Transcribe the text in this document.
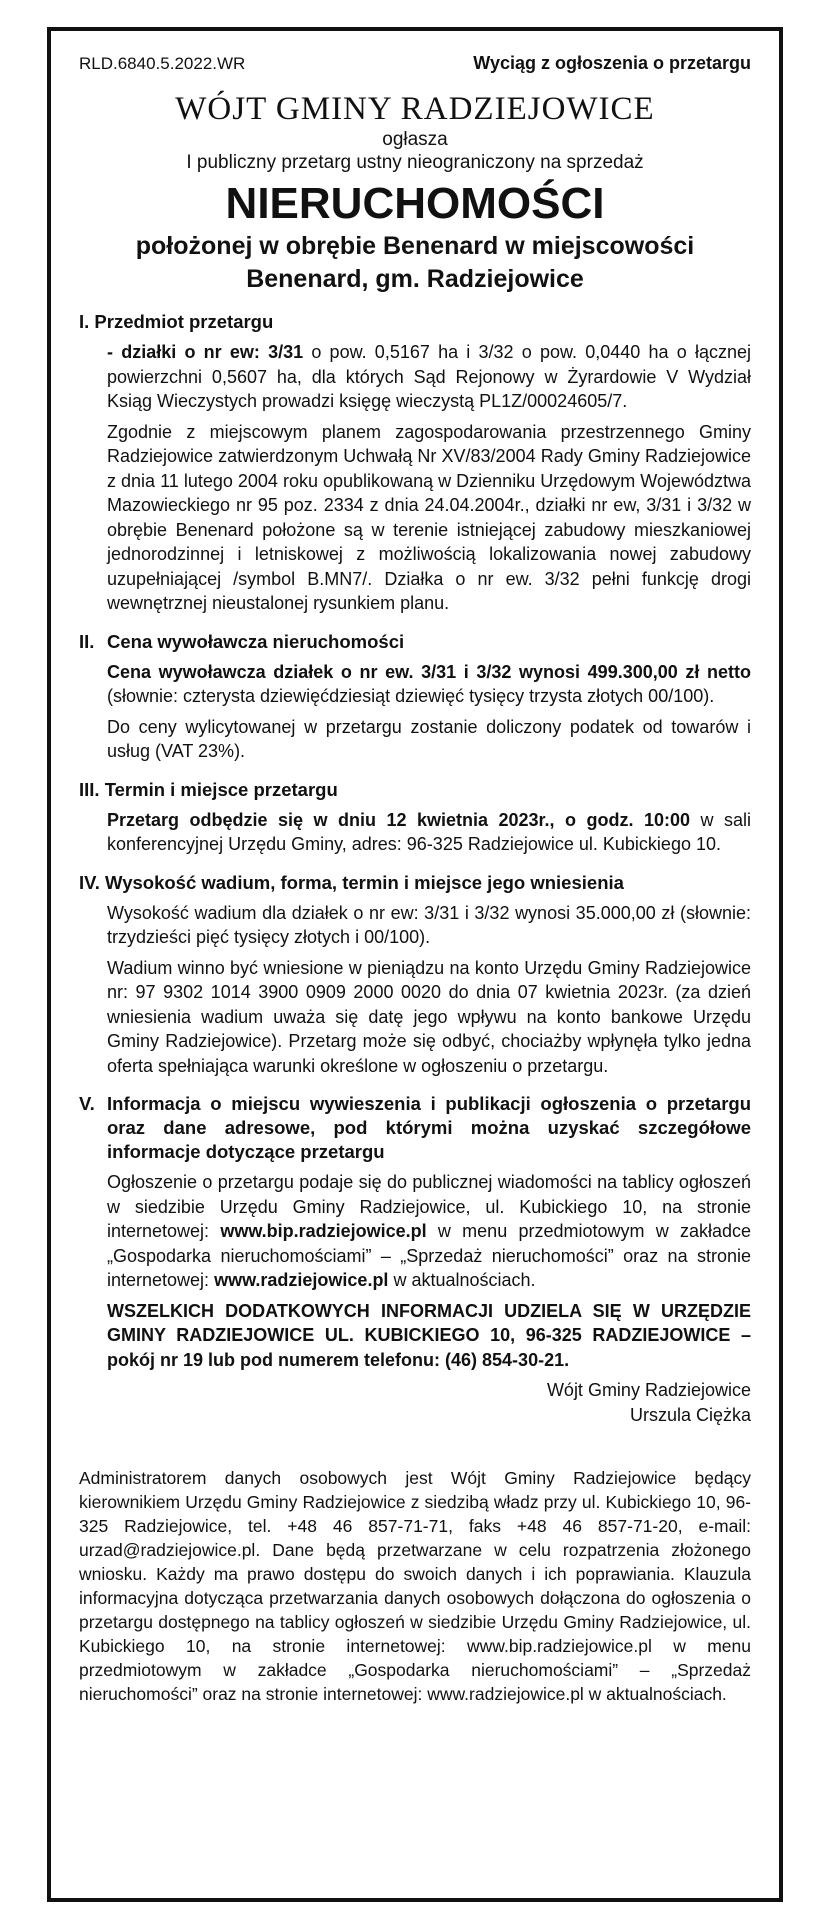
RLD.6840.5.2022.WR	Wyciąg z ogłoszenia o przetargu
WÓJT GMINY RADZIEJOWICE
ogłasza
I publiczny przetarg ustny nieograniczony na sprzedaż
NIERUCHOMOŚCI
położonej w obrębie Benenard w miejscowości
Benenard, gm. Radziejowice
I. Przedmiot przetargu
- działki o nr ew: 3/31 o pow. 0,5167 ha i 3/32 o pow. 0,0440 ha o łącznej powierzchni 0,5607 ha, dla których Sąd Rejonowy w Żyrardowie V Wydział Ksiąg Wieczystych prowadzi księgę wieczystą PL1Z/00024605/7.
Zgodnie z miejscowym planem zagospodarowania przestrzennego Gminy Radziejowice zatwierdzonym Uchwałą Nr XV/83/2004 Rady Gminy Radziejowice z dnia 11 lutego 2004 roku opublikowaną w Dzienniku Urzędowym Województwa Mazowieckiego nr 95 poz. 2334 z dnia 24.04.2004r., działki nr ew, 3/31 i 3/32 w obrębie Benenard położone są w terenie istniejącej zabudowy mieszkaniowej jednorodzinnej i letniskowej z możliwością lokalizowania nowej zabudowy uzupełniającej /symbol B.MN7/. Działka o nr ew. 3/32 pełni funkcję drogi wewnętrznej nieustalonej rysunkiem planu.
II. Cena wywoławcza nieruchomości
Cena wywoławcza działek o nr ew. 3/31 i 3/32 wynosi 499.300,00 zł netto (słownie: czterysta dziewięćdziesiąt dziewięć tysięcy trzysta złotych 00/100).
Do ceny wylicytowanej w przetargu zostanie doliczony podatek od towarów i usług (VAT 23%).
III. Termin i miejsce przetargu
Przetarg odbędzie się w dniu 12 kwietnia 2023r., o godz. 10:00 w sali konferencyjnej Urzędu Gminy, adres: 96-325 Radziejowice ul. Kubickiego 10.
IV. Wysokość wadium, forma, termin i miejsce jego wniesienia
Wysokość wadium dla działek o nr ew: 3/31 i 3/32 wynosi 35.000,00 zł (słownie: trzydzieści pięć tysięcy złotych i 00/100).
Wadium winno być wniesione w pieniądzu na konto Urzędu Gminy Radziejowice nr: 97 9302 1014 3900 0909 2000 0020 do dnia 07 kwietnia 2023r. (za dzień wniesienia wadium uważa się datę jego wpływu na konto bankowe Urzędu Gminy Radziejowice). Przetarg może się odbyć, chociażby wpłynęła tylko jedna oferta spełniająca warunki określone w ogłoszeniu o przetargu.
V. Informacja o miejscu wywieszenia i publikacji ogłoszenia o przetargu oraz dane adresowe, pod którymi można uzyskać szczegółowe informacje dotyczące przetargu
Ogłoszenie o przetargu podaje się do publicznej wiadomości na tablicy ogłoszeń w siedzibie Urzędu Gminy Radziejowice, ul. Kubickiego 10, na stronie internetowej: www.bip.radziejowice.pl w menu przedmiotowym w zakładce „Gospodarka nieruchomościami” – „Sprzedaż nieruchomości” oraz na stronie internetowej: www.radziejowice.pl w aktualnościach.
WSZELKICH DODATKOWYCH INFORMACJI UDZIELA SIĘ W URZĘDZIE GMINY RADZIEJOWICE UL. KUBICKIEGO 10, 96-325 RADZIEJOWICE – pokój nr 19 lub pod numerem telefonu: (46) 854-30-21.
Wójt Gminy Radziejowice
Urszula Ciężka
Administratorem danych osobowych jest Wójt Gminy Radziejowice będący kierownikiem Urzędu Gminy Radziejowice z siedzibą władz przy ul. Kubickiego 10, 96-325 Radziejowice, tel. +48 46 857-71-71, faks +48 46 857-71-20, e-mail: urzad@radziejowice.pl. Dane będą przetwarzane w celu rozpatrzenia złożonego wniosku. Każdy ma prawo dostępu do swoich danych i ich poprawiania. Klauzula informacyjna dotycząca przetwarzania danych osobowych dołączona do ogłoszenia o przetargu dostępnego na tablicy ogłoszeń w siedzibie Urzędu Gminy Radziejowice, ul. Kubickiego 10, na stronie internetowej: www.bip.radziejowice.pl w menu przedmiotowym w zakładce „Gospodarka nieruchomościami” – „Sprzedaż nieruchomości” oraz na stronie internetowej: www.radziejowice.pl w aktualnościach.
